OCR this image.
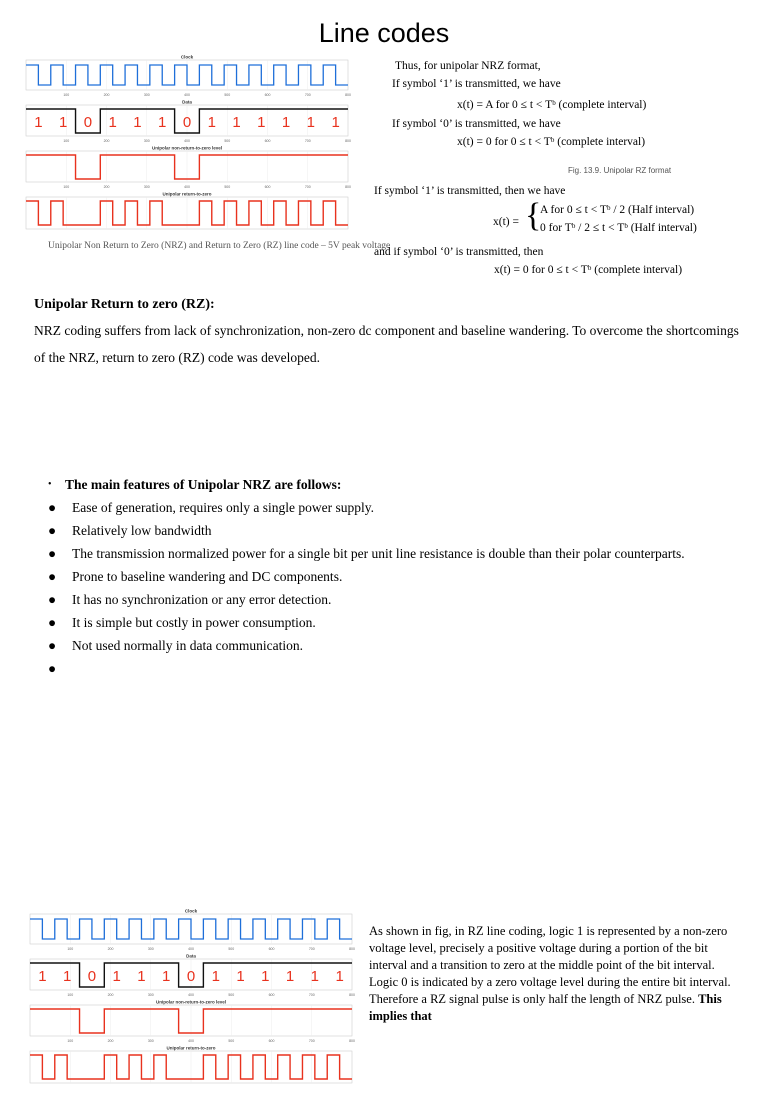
Line codes
Clock
100	200	300	400	500	600	700	800
Data
1 1 0 1 1 1 0 1 1 1 1 1 1
100	200	300	400	500	600	700	800
Unipolar non-return-to-zero level
100	200	300	400	500	600	700	800
Unipolar return-to-zero
Unipolar Non Return to Zero (NRZ) and Return to Zero (RZ) line code – 5V peak voltage
Thus, for unipolar NRZ format,
If symbol ‘1’ is transmitted, we have
x(t) = A for 0 ≤ t < Tᵇ (complete interval)
If symbol ‘0’ is transmitted, we have
x(t) = 0 for 0 ≤ t < Tᵇ (complete interval)
Fig. 13.9. Unipolar RZ format
If symbol ‘1’ is transmitted, then we have
x(t) = {
A for 0 ≤ t < Tᵇ / 2 (Half interval)
0 for Tᵇ / 2 ≤ t < Tᵇ (Half interval)
and if symbol ‘0’ is transmitted, then
x(t) = 0 for 0 ≤ t < Tᵇ (complete interval)
Unipolar Return to zero (RZ):
NRZ coding suffers from lack of synchronization, non-zero dc component and baseline wandering. To overcome the shortcomings of the NRZ, return to zero (RZ) code was developed.
• The main features of Unipolar NRZ are follows:
● Ease of generation, requires only a single power supply.
● Relatively low bandwidth
● The transmission normalized power for a single bit per unit line resistance is double than their polar counterparts.
● Prone to baseline wandering and DC components.
● It has no synchronization or any error detection.
● It is simple but costly in power consumption.
● Not used normally in data communication.
●
Clock
100	200	300	400	500	600	700	800
Data
1 1 0 1 1 1 0 1 1 1 1 1 1
100	200	300	400	500	600	700	800
Unipolar non-return-to-zero level
100	200	300	400	500	600	700	800
Unipolar return-to-zero
As shown in fig, in RZ line coding, logic 1 is represented by a non-zero voltage level, precisely a positive voltage during a portion of the bit interval and a transition to zero at the middle point of the bit interval. Logic 0 is indicated by a zero voltage level during the entire bit interval. Therefore a RZ signal pulse is only half the length of NRZ pulse. This implies that
